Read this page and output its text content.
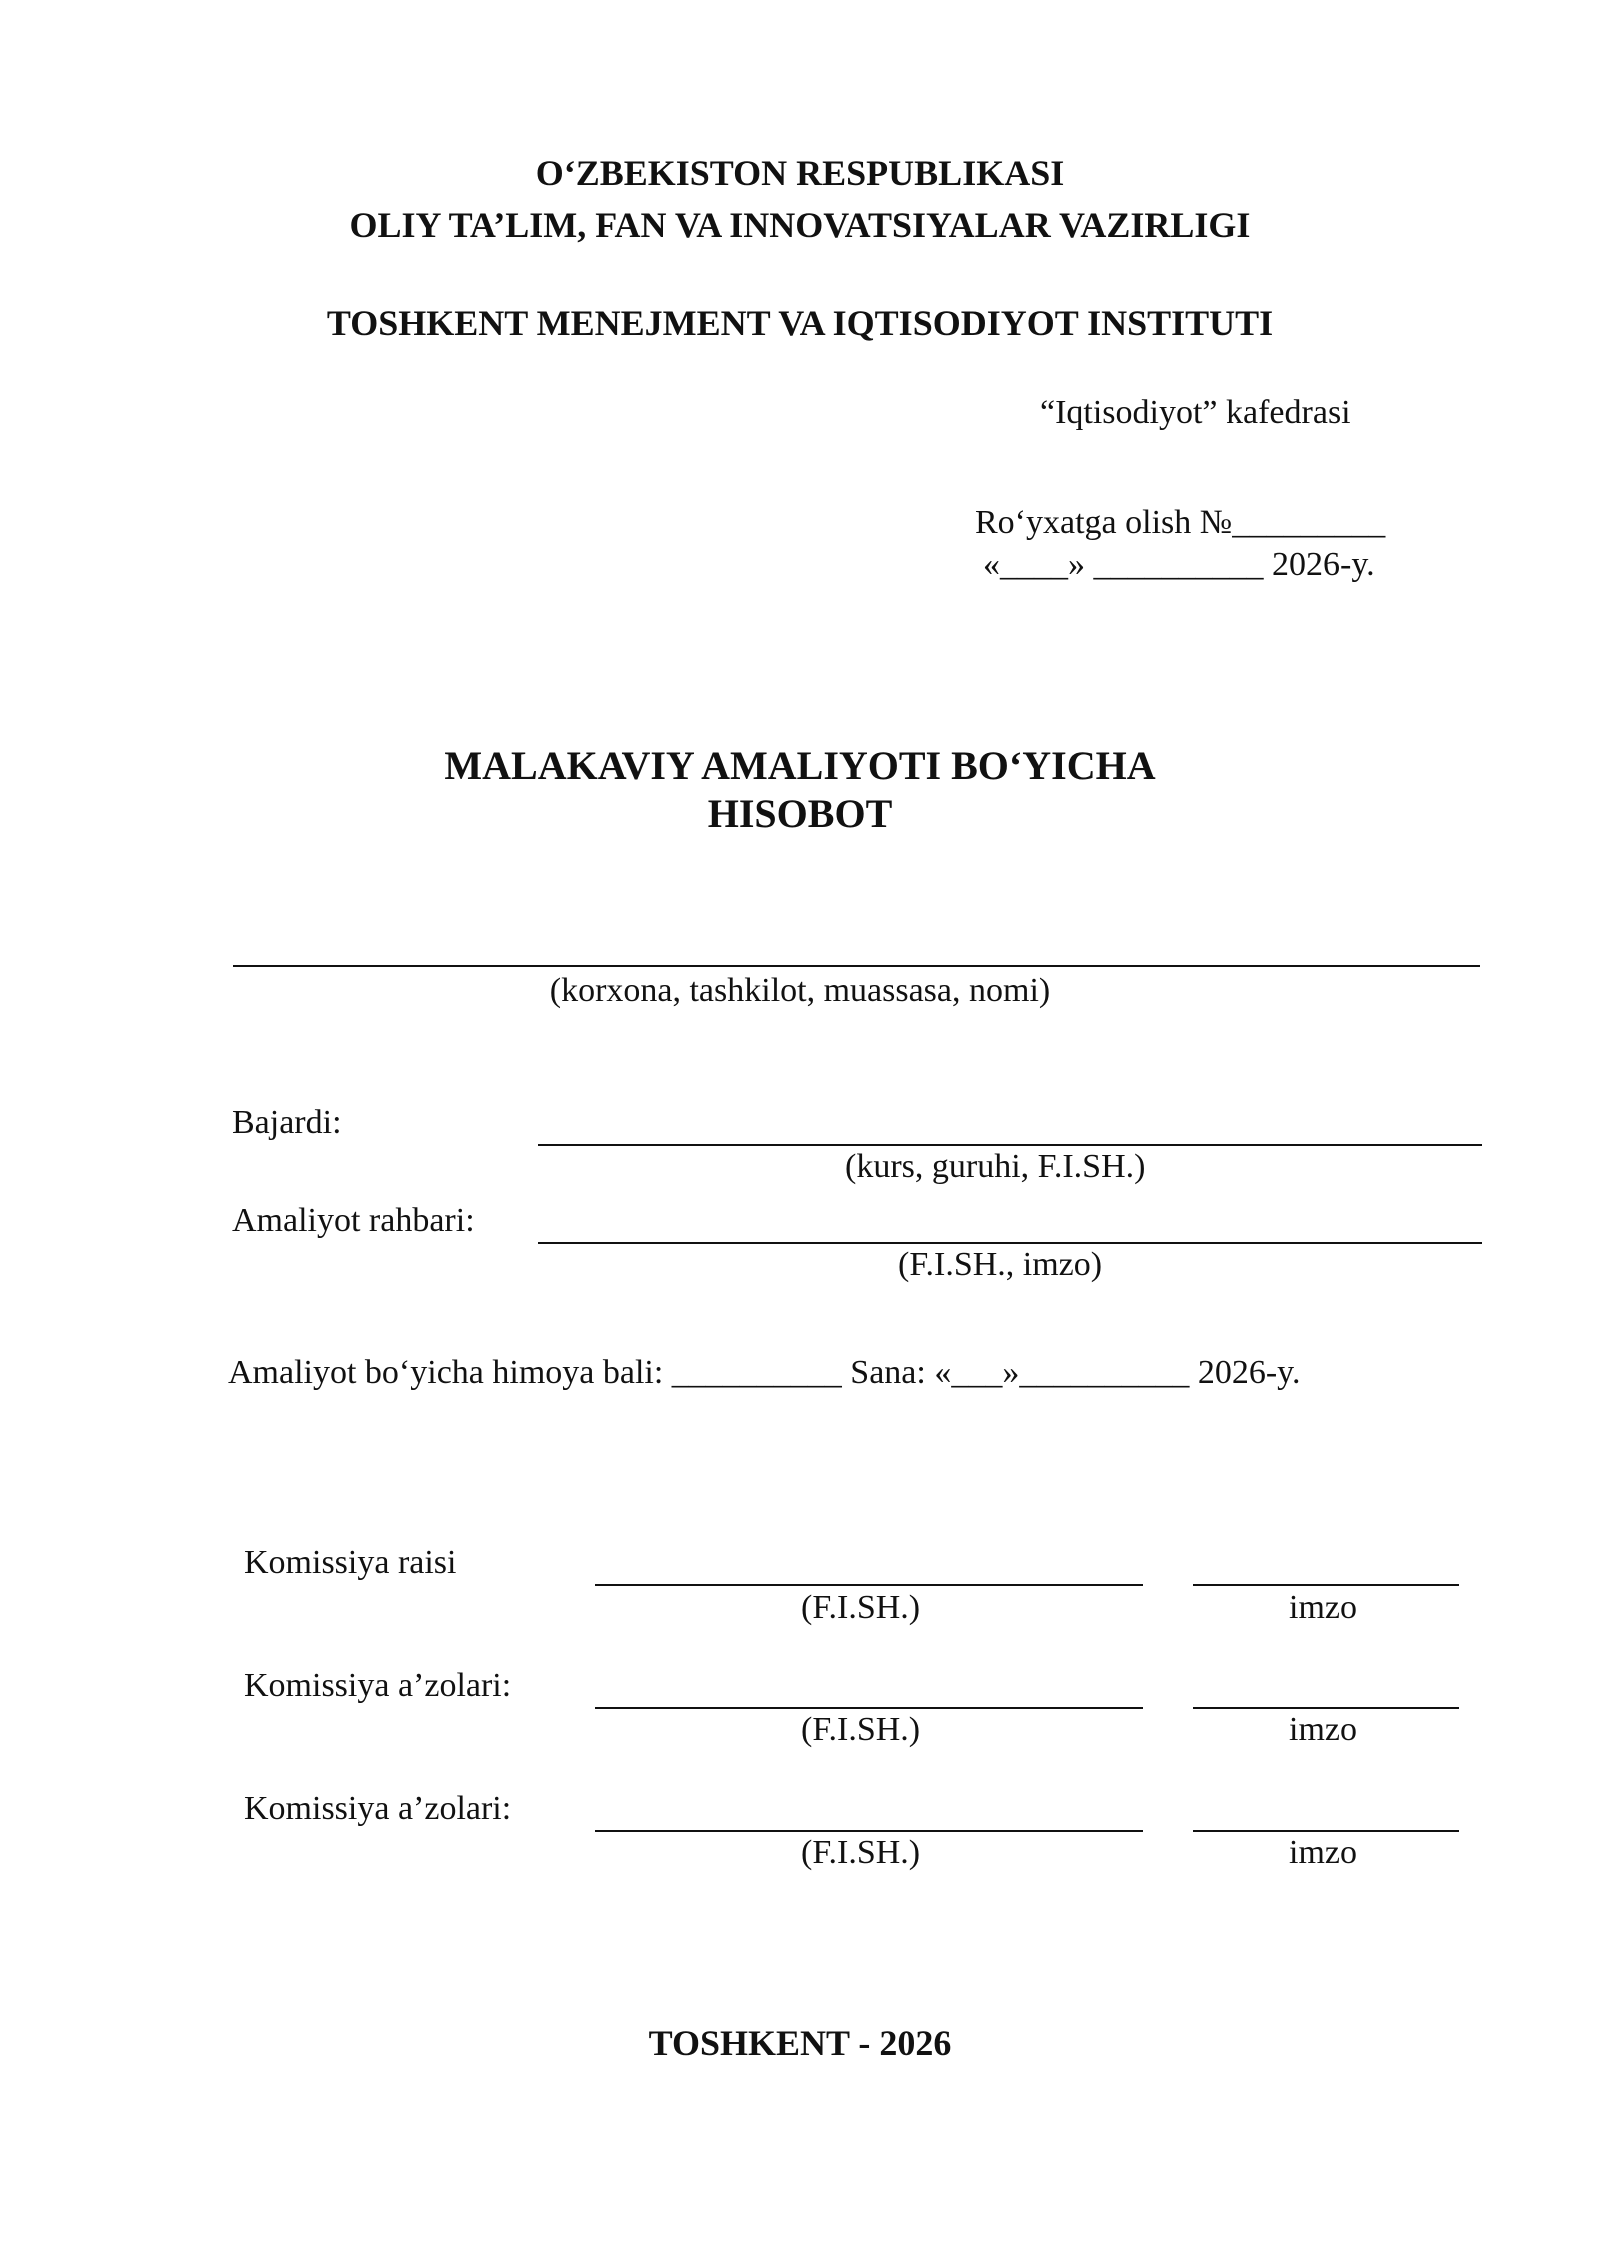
O‘ZBEKISTON RESPUBLIKASI
OLIY TA’LIM, FAN VA INNOVATSIYALAR VAZIRLIGI
TOSHKENT MENEJMENT VA IQTISODIYOT INSTITUTI
“Iqtisodiyot” kafedrasi
Ro‘yxatga olish №_________
«____» __________ 2026-y.
MALAKAVIY AMALIYOTI BO‘YICHA
HISOBOT
(korxona, tashkilot, muassasa, nomi)
Bajardi:
(kurs, guruhi, F.I.SH.)
Amaliyot rahbari:
(F.I.SH., imzo)
Amaliyot bo‘yicha himoya bali: __________ Sana: «___»__________ 2026-y.
Komissiya raisi
(F.I.SH.)	imzo
Komissiya a’zolari:
(F.I.SH.)	imzo
Komissiya a’zolari:
(F.I.SH.)	imzo
TOSHKENT - 2026
